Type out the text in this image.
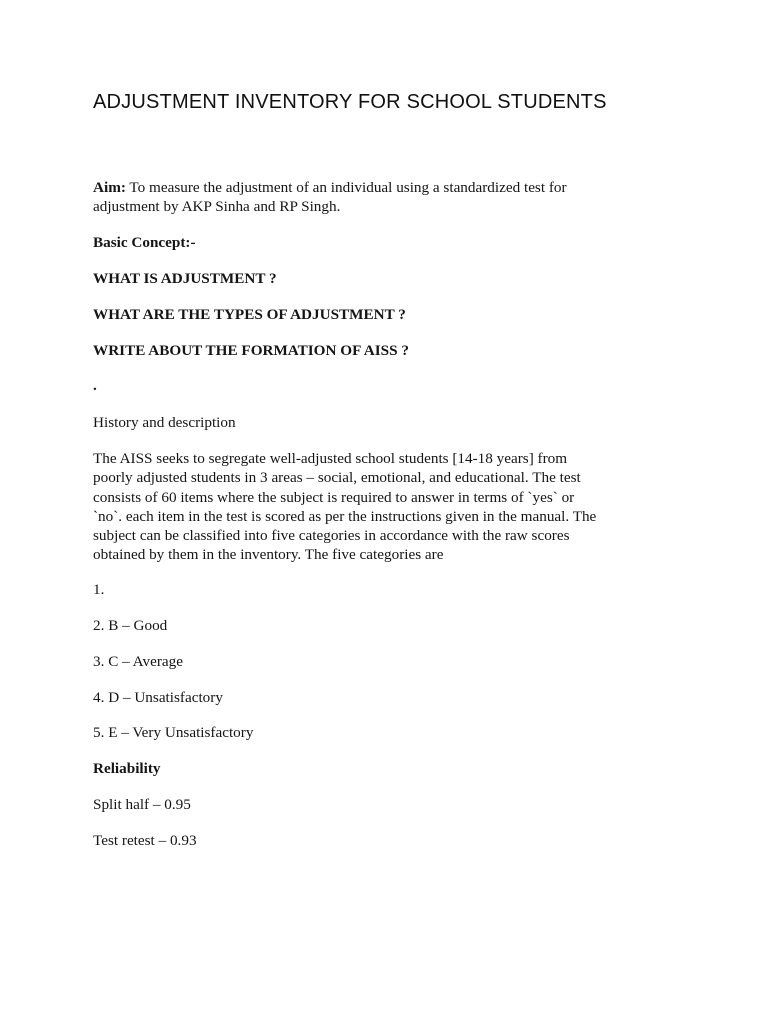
ADJUSTMENT INVENTORY FOR SCHOOL STUDENTS
Aim: To measure the adjustment of an individual using a standardized test for
adjustment by AKP Sinha and RP Singh.
Basic Concept:-
WHAT IS ADJUSTMENT ?
WHAT ARE THE TYPES OF ADJUSTMENT ?
WRITE ABOUT THE FORMATION OF AISS ?
.
History and description
The AISS seeks to segregate well-adjusted school students [14-18 years] from
poorly adjusted students in 3 areas – social, emotional, and educational. The test
consists of 60 items where the subject is required to answer in terms of `yes` or
`no`. each item in the test is scored as per the instructions given in the manual. The
subject can be classified into five categories in accordance with the raw scores
obtained by them in the inventory. The five categories are
1.
2. B – Good
3. C – Average
4. D – Unsatisfactory
5. E – Very Unsatisfactory
Reliability
Split half – 0.95
Test retest – 0.93
